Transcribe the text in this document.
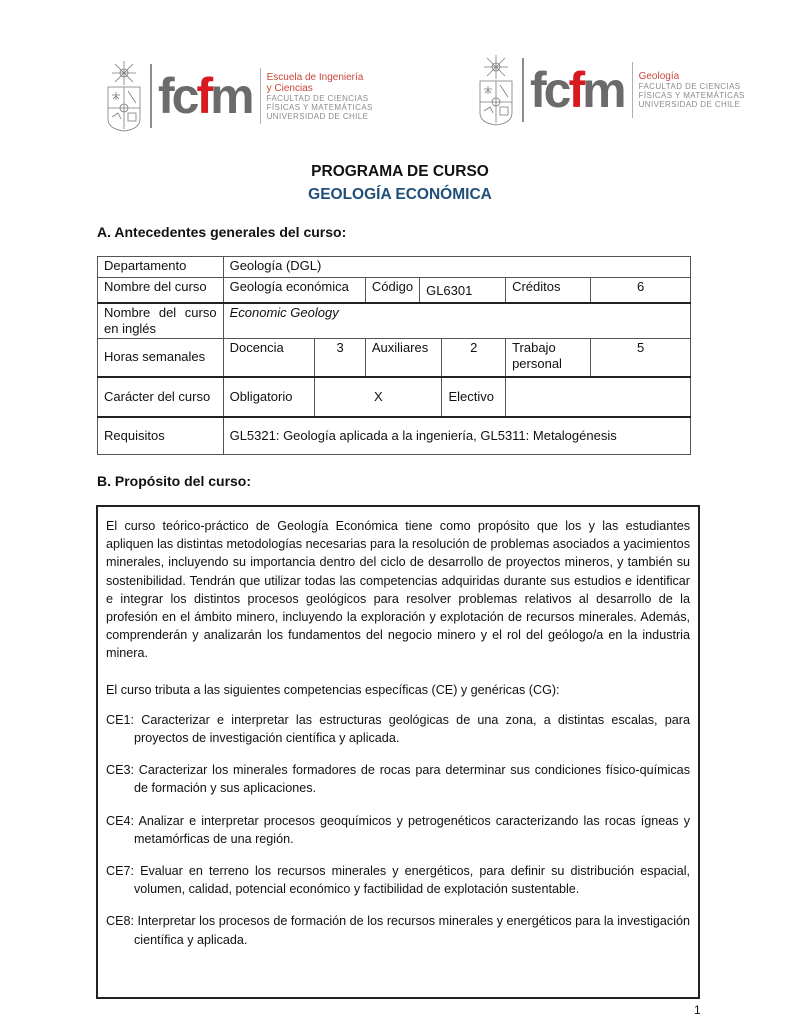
fcfm Escuela de Ingeniería
y Ciencias
FACULTAD DE CIENCIAS
FÍSICAS Y MATEMÁTICAS
UNIVERSIDAD DE CHILE	fcfm Geología
FACULTAD DE CIENCIAS
FÍSICAS Y MATEMÁTICAS
UNIVERSIDAD DE CHILE
PROGRAMA DE CURSO
GEOLOGÍA ECONÓMICA
A. Antecedentes generales del curso:
Departamento	Geología (DGL)						
Nombre del curso	Geología económica		Código	GL6301		Créditos	6

Nombre del curso
en inglés	Economic Geology						
Horas semanales	Docencia	3	Auxiliares		2	Trabajo
personal	5
Carácter del curso	Obligatorio	X			Electivo		
Requisitos	GL5321: Geología aplicada a la ingeniería, GL5311: Metalogénesis						
B. Propósito del curso:

El curso teórico-práctico de Geología Económica tiene como propósito que los y las estudiantes apliquen las distintas metodologías necesarias para la resolución de problemas asociados a yacimientos minerales, incluyendo su importancia dentro del ciclo de desarrollo de proyectos mineros, y también su sostenibilidad. Tendrán que utilizar todas las competencias adquiridas durante sus estudios e identificar e integrar los distintos procesos geológicos para resolver problemas relativos al desarrollo de la profesión en el ámbito minero, incluyendo la exploración y explotación de recursos minerales. Además, comprenderán y analizarán los fundamentos del negocio minero y el rol del geólogo/a en la industria minera.

El curso tributa a las siguientes competencias específicas (CE) y genéricas (CG):

CE1: Caracterizar e interpretar las estructuras geológicas de una zona, a distintas escalas, para proyectos de investigación científica y aplicada.

CE3: Caracterizar los minerales formadores de rocas para determinar sus condiciones físico-químicas de formación y sus aplicaciones.

CE4: Analizar e interpretar procesos geoquímicos y petrogenéticos caracterizando las rocas ígneas y metamórficas de una región.

CE7: Evaluar en terreno los recursos minerales y energéticos, para definir su distribución espacial, volumen, calidad, potencial económico y factibilidad de explotación sustentable.

CE8: Interpretar los procesos de formación de los recursos minerales y energéticos para la investigación científica y aplicada.

1
